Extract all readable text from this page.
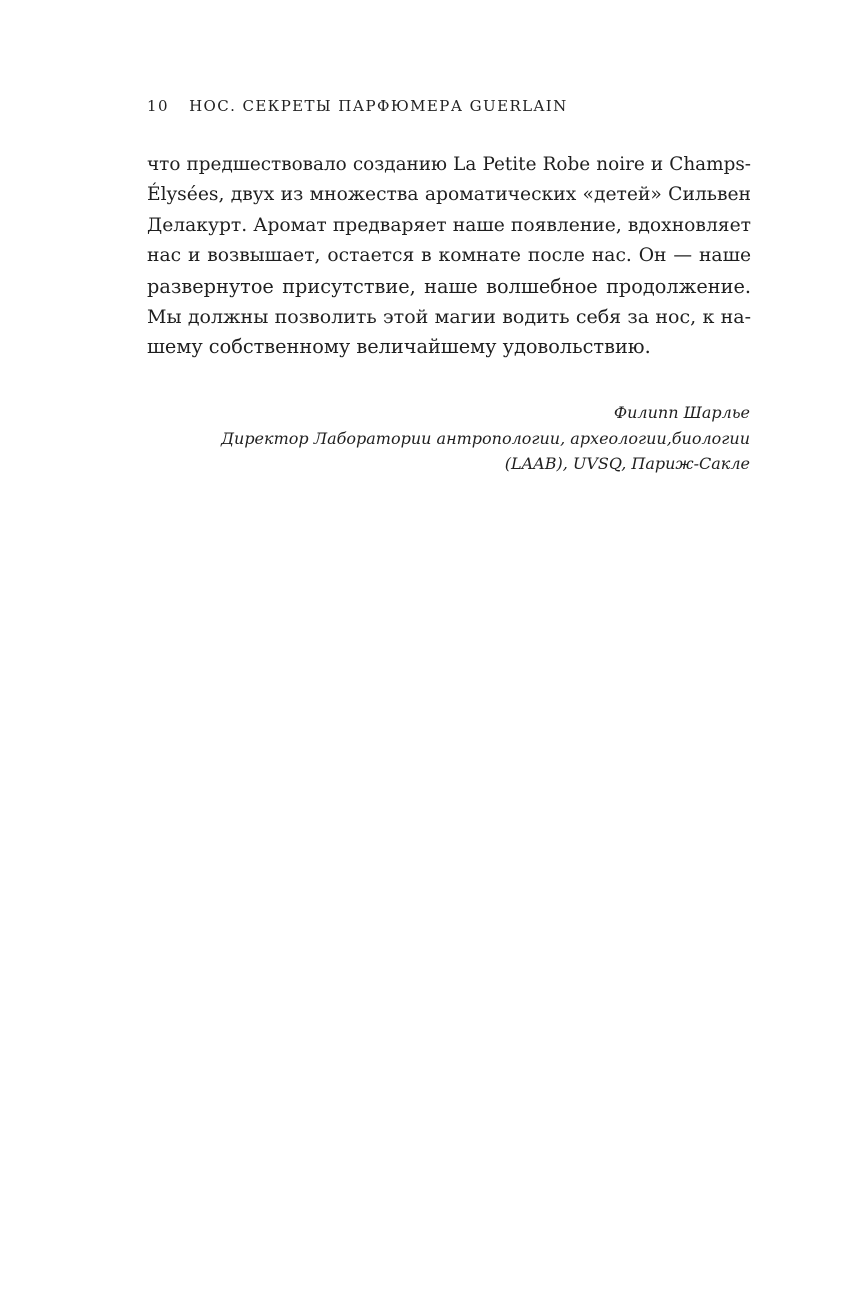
10 НОС. СЕКРЕТЫ ПАРФЮМЕРА GUERLAIN
что предшествовало созданию La Petite Robe noire и Champs-
Élysées, двух из множества ароматических «детей» Сильвен
Делакурт. Аромат предваряет наше появление, вдохновляет
нас и возвышает, остается в комнате после нас. Он — наше
развернутое присутствие, наше волшебное продолжение.
Мы должны позволить этой магии водить себя за нос, к на-
шему собственному величайшему удовольствию.
Филипп Шарлье
Директор Лаборатории антропологии, археологии,биологии
(LAAB), UVSQ, Париж-Сакле
